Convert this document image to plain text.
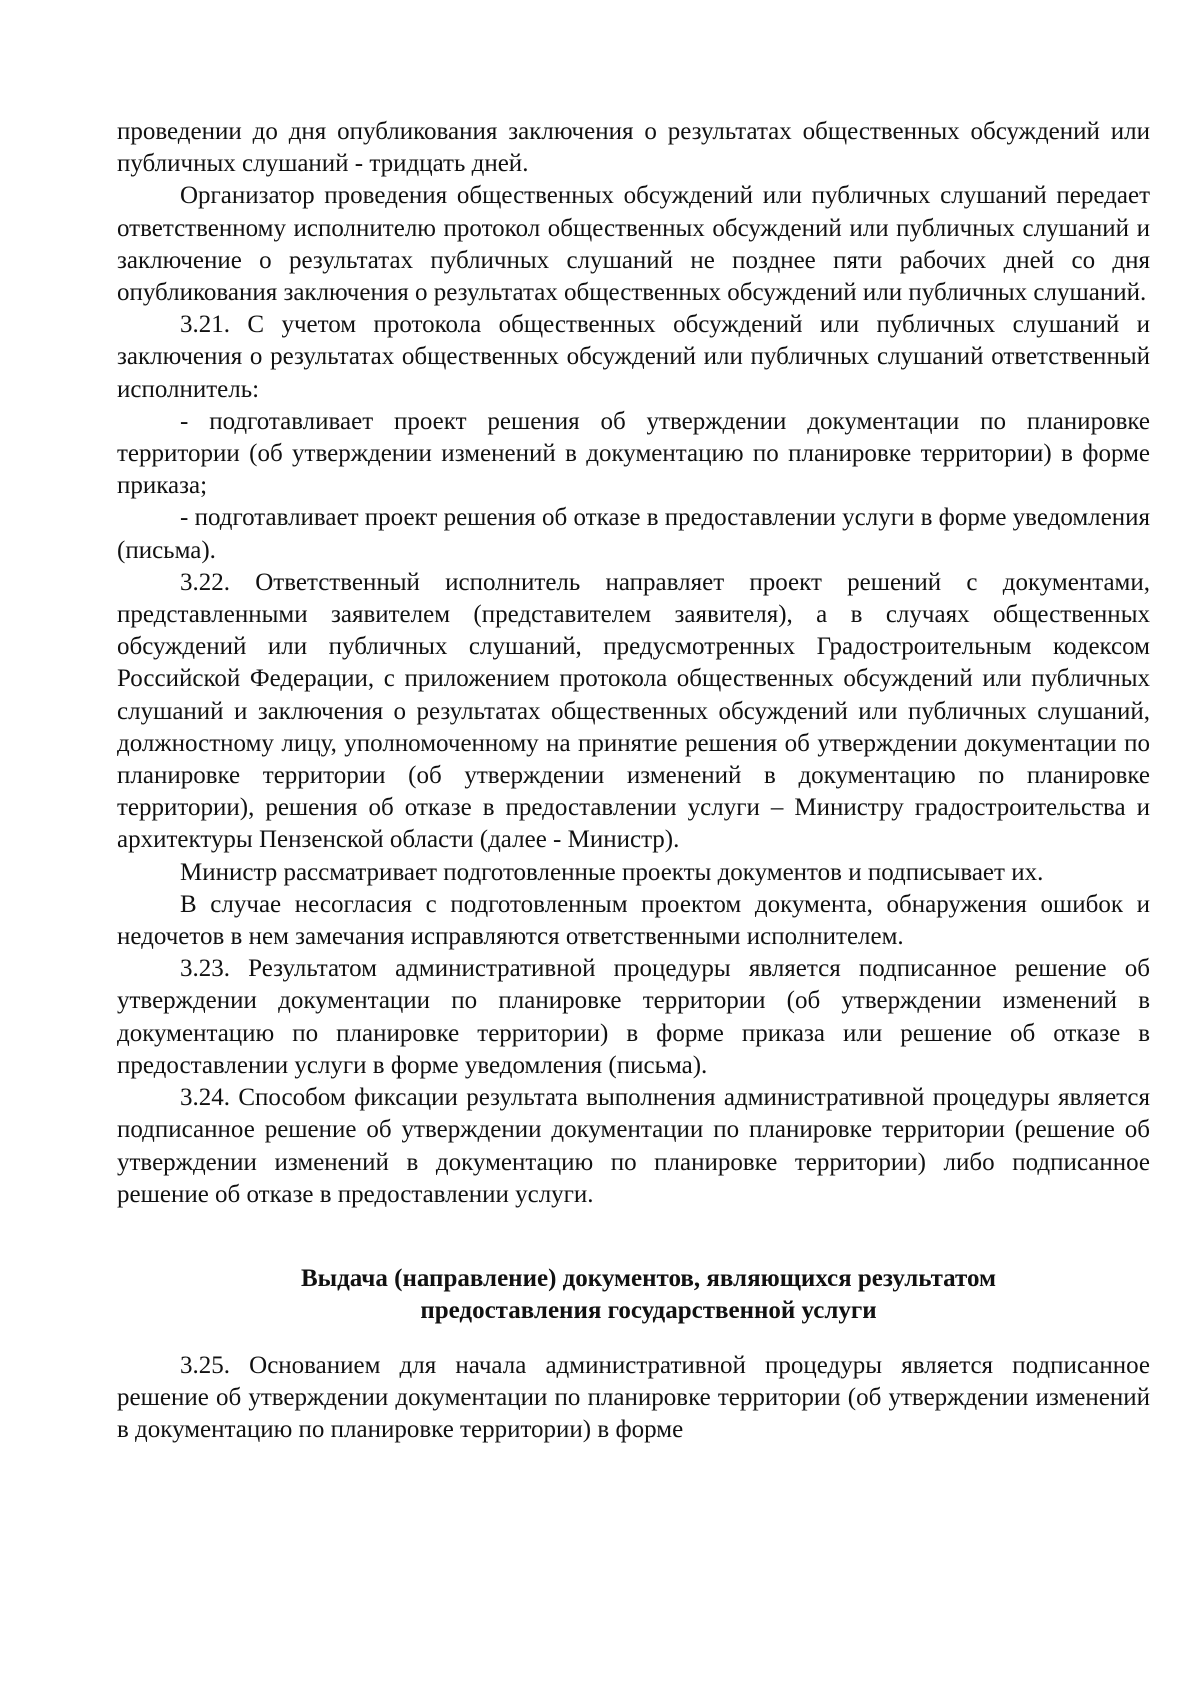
проведении до дня опубликования заключения о результатах общественных обсуждений или публичных слушаний - тридцать дней.

Организатор проведения общественных обсуждений или публичных слушаний передает ответственному исполнителю протокол общественных обсуждений или публичных слушаний и заключение о результатах публичных слушаний не позднее пяти рабочих дней со дня опубликования заключения о результатах общественных обсуждений или публичных слушаний.

3.21. С учетом протокола общественных обсуждений или публичных слушаний и заключения о результатах общественных обсуждений или публичных слушаний ответственный исполнитель:

- подготавливает проект решения об утверждении документации по планировке территории (об утверждении изменений в документацию по планировке территории) в форме приказа;

- подготавливает проект решения об отказе в предоставлении услуги в форме уведомления (письма).

3.22. Ответственный исполнитель направляет проект решений с документами, представленными заявителем (представителем заявителя), а в случаях общественных обсуждений или публичных слушаний, предусмотренных Градостроительным кодексом Российской Федерации, с приложением протокола общественных обсуждений или публичных слушаний и заключения о результатах общественных обсуждений или публичных слушаний, должностному лицу, уполномоченному на принятие решения об утверждении документации по планировке территории (об утверждении изменений в документацию по планировке территории), решения об отказе в предоставлении услуги – Министру градостроительства и архитектуры Пензенской области (далее - Министр).

Министр рассматривает подготовленные проекты документов и подписывает их.

В случае несогласия с подготовленным проектом документа, обнаружения ошибок и недочетов в нем замечания исправляются ответственными исполнителем.

3.23. Результатом административной процедуры является подписанное решение об утверждении документации по планировке территории (об утверждении изменений в документацию по планировке территории) в форме приказа или решение об отказе в предоставлении услуги в форме уведомления (письма).

3.24. Способом фиксации результата выполнения административной процедуры является подписанное решение об утверждении документации по планировке территории (решение об утверждении изменений в документацию по планировке территории) либо подписанное решение об отказе в предоставлении услуги.

Выдача (направление) документов, являющихся результатом
предоставления государственной услуги

3.25. Основанием для начала административной процедуры является подписанное решение об утверждении документации по планировке территории (об утверждении изменений в документацию по планировке территории) в форме
